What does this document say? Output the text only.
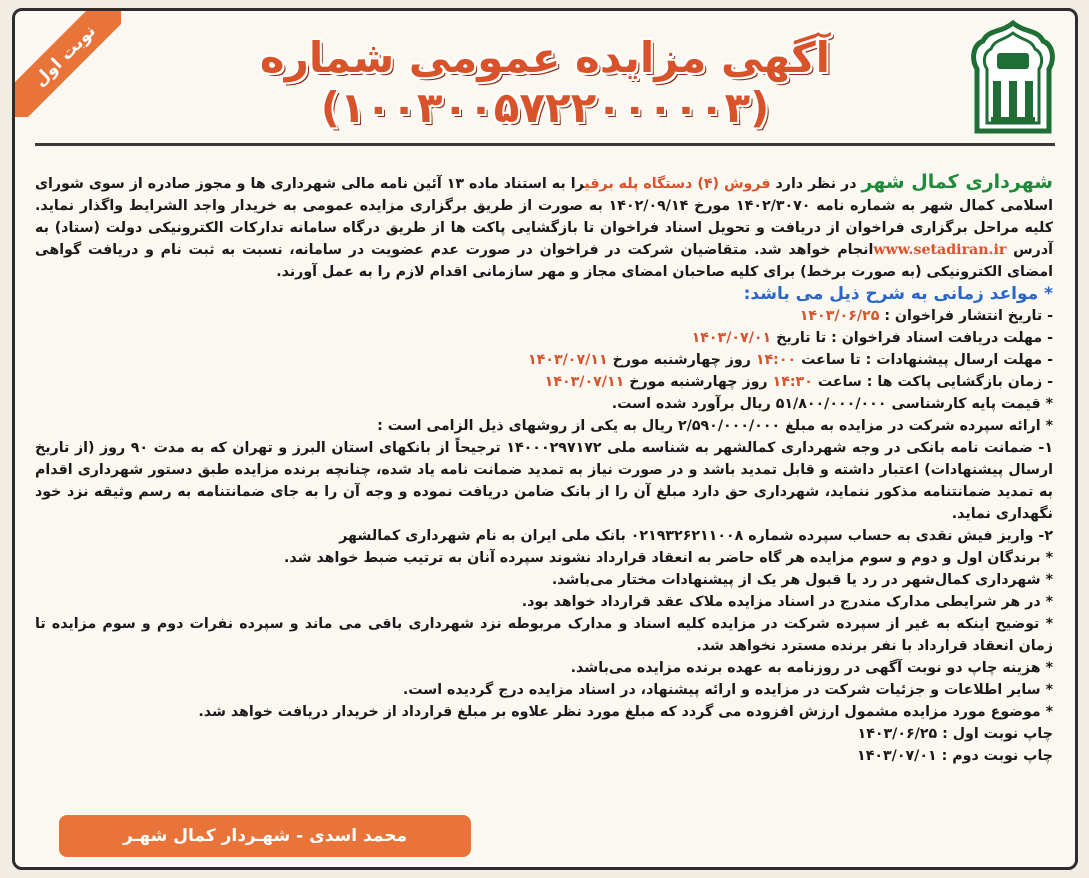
نوبت اول	آگهی مزایده عمومی شماره (۱۰۰۳۰۰۵۷۲۲۰۰۰۰۰۳)

شهرداری کمال شهر در نظر دارد فروش (۴) دستگاه پله برقیرا به استناد ماده ۱۳ آئین نامه مالی شهرداری ها و مجوز صادره از سوی شورای اسلامی کمال شهر به شماره نامه ۱۴۰۲/۳۰۷۰ مورخ ۱۴۰۲/۰۹/۱۴ به صورت از طریق برگزاری مزایده عمومی به خریدار واجد الشرایط واگذار نماید. کلیه مراحل برگزاری فراخوان از دریافت و تحویل اسناد فراخوان تا بازگشایی پاکت ها از طریق درگاه سامانه تدارکات الکترونیکی دولت (ستاد) به آدرس www.setadiran.irانجام خواهد شد. متقاضیان شرکت در فراخوان در صورت عدم عضویت در سامانه، نسبت به ثبت نام و دریافت گواهی امضای الکترونیکی (به صورت برخط) برای کلیه صاحبان امضای مجاز و مهر سازمانی اقدام لازم را به عمل آورند.

* مواعد زمانی به شرح ذیل می باشد:

- تاریخ انتشار فراخوان : ۱۴۰۳/۰۶/۲۵
- مهلت دریافت اسناد فراخوان : تا تاریخ ۱۴۰۳/۰۷/۰۱
- مهلت ارسال پیشنهادات : تا ساعت ۱۴:۰۰ روز چهارشنبه مورخ ۱۴۰۳/۰۷/۱۱
- زمان بازگشایی پاکت ها : ساعت ۱۴:۳۰ روز چهارشنبه مورخ ۱۴۰۳/۰۷/۱۱

* قیمت پایه کارشناسی ۵۱/۸۰۰/۰۰۰/۰۰۰ ریال برآورد شده است.

* ارائه سپرده شرکت در مزایده به مبلغ ۲/۵۹۰/۰۰۰/۰۰۰ ریال به یکی از روشهای ذیل الزامی است :

۱- ضمانت نامه بانکی در وجه شهرداری کمالشهر به شناسه ملی ۱۴۰۰۰۲۹۷۱۷۲ ترجیحاً از بانکهای استان البرز و تهران که به مدت ۹۰ روز (از تاریخ ارسال پیشنهادات) اعتبار داشته و قابل تمدید باشد و در صورت نیاز به تمدید ضمانت نامه یاد شده، چنانچه برنده مزایده طبق دستور شهرداری اقدام به تمدید ضمانتنامه مذکور ننماید، شهرداری حق دارد مبلغ آن را از بانک ضامن دریافت نموده و وجه آن را به جای ضمانتنامه به رسم وثیقه نزد خود نگهداری نماید.

۲- واریز فیش نقدی به حساب سپرده شماره ۰۲۱۹۳۲۶۲۱۱۰۰۸ بانک ملی ایران به نام شهرداری کمالشهر

* برندگان اول و دوم و سوم مزایده هر گاه حاضر به انعقاد قرارداد نشوند سپرده آنان به ترتیب ضبط خواهد شد.

* شهرداری کمال‌شهر در رد یا قبول هر یک از پیشنهادات مختار می‌باشد.

* در هر شرایطی مدارک مندرج در اسناد مزایده ملاک عقد قرارداد خواهد بود.

* توضیح اینکه به غیر از سپرده شرکت در مزایده کلیه اسناد و مدارک مربوطه نزد شهرداری باقی می ماند و سپرده نفرات دوم و سوم مزایده تا زمان انعقاد قرارداد با نفر برنده مسترد نخواهد شد.

* هزینه چاپ دو نوبت آگهی در روزنامه به عهده برنده مزایده می‌باشد.

* سایر اطلاعات و جزئیات شرکت در مزایده و ارائه پیشنهاد، در اسناد مزایده درج گردیده است.

* موضوع مورد مزایده مشمول ارزش افزوده می گردد که مبلغ مورد نظر علاوه بر مبلغ قرارداد از خریدار دریافت خواهد شد.

چاپ نوبت اول : ۱۴۰۳/۰۶/۲۵

چاپ نوبت دوم : ۱۴۰۳/۰۷/۰۱

محمد اسدی - شهـردار کمال شهـر
